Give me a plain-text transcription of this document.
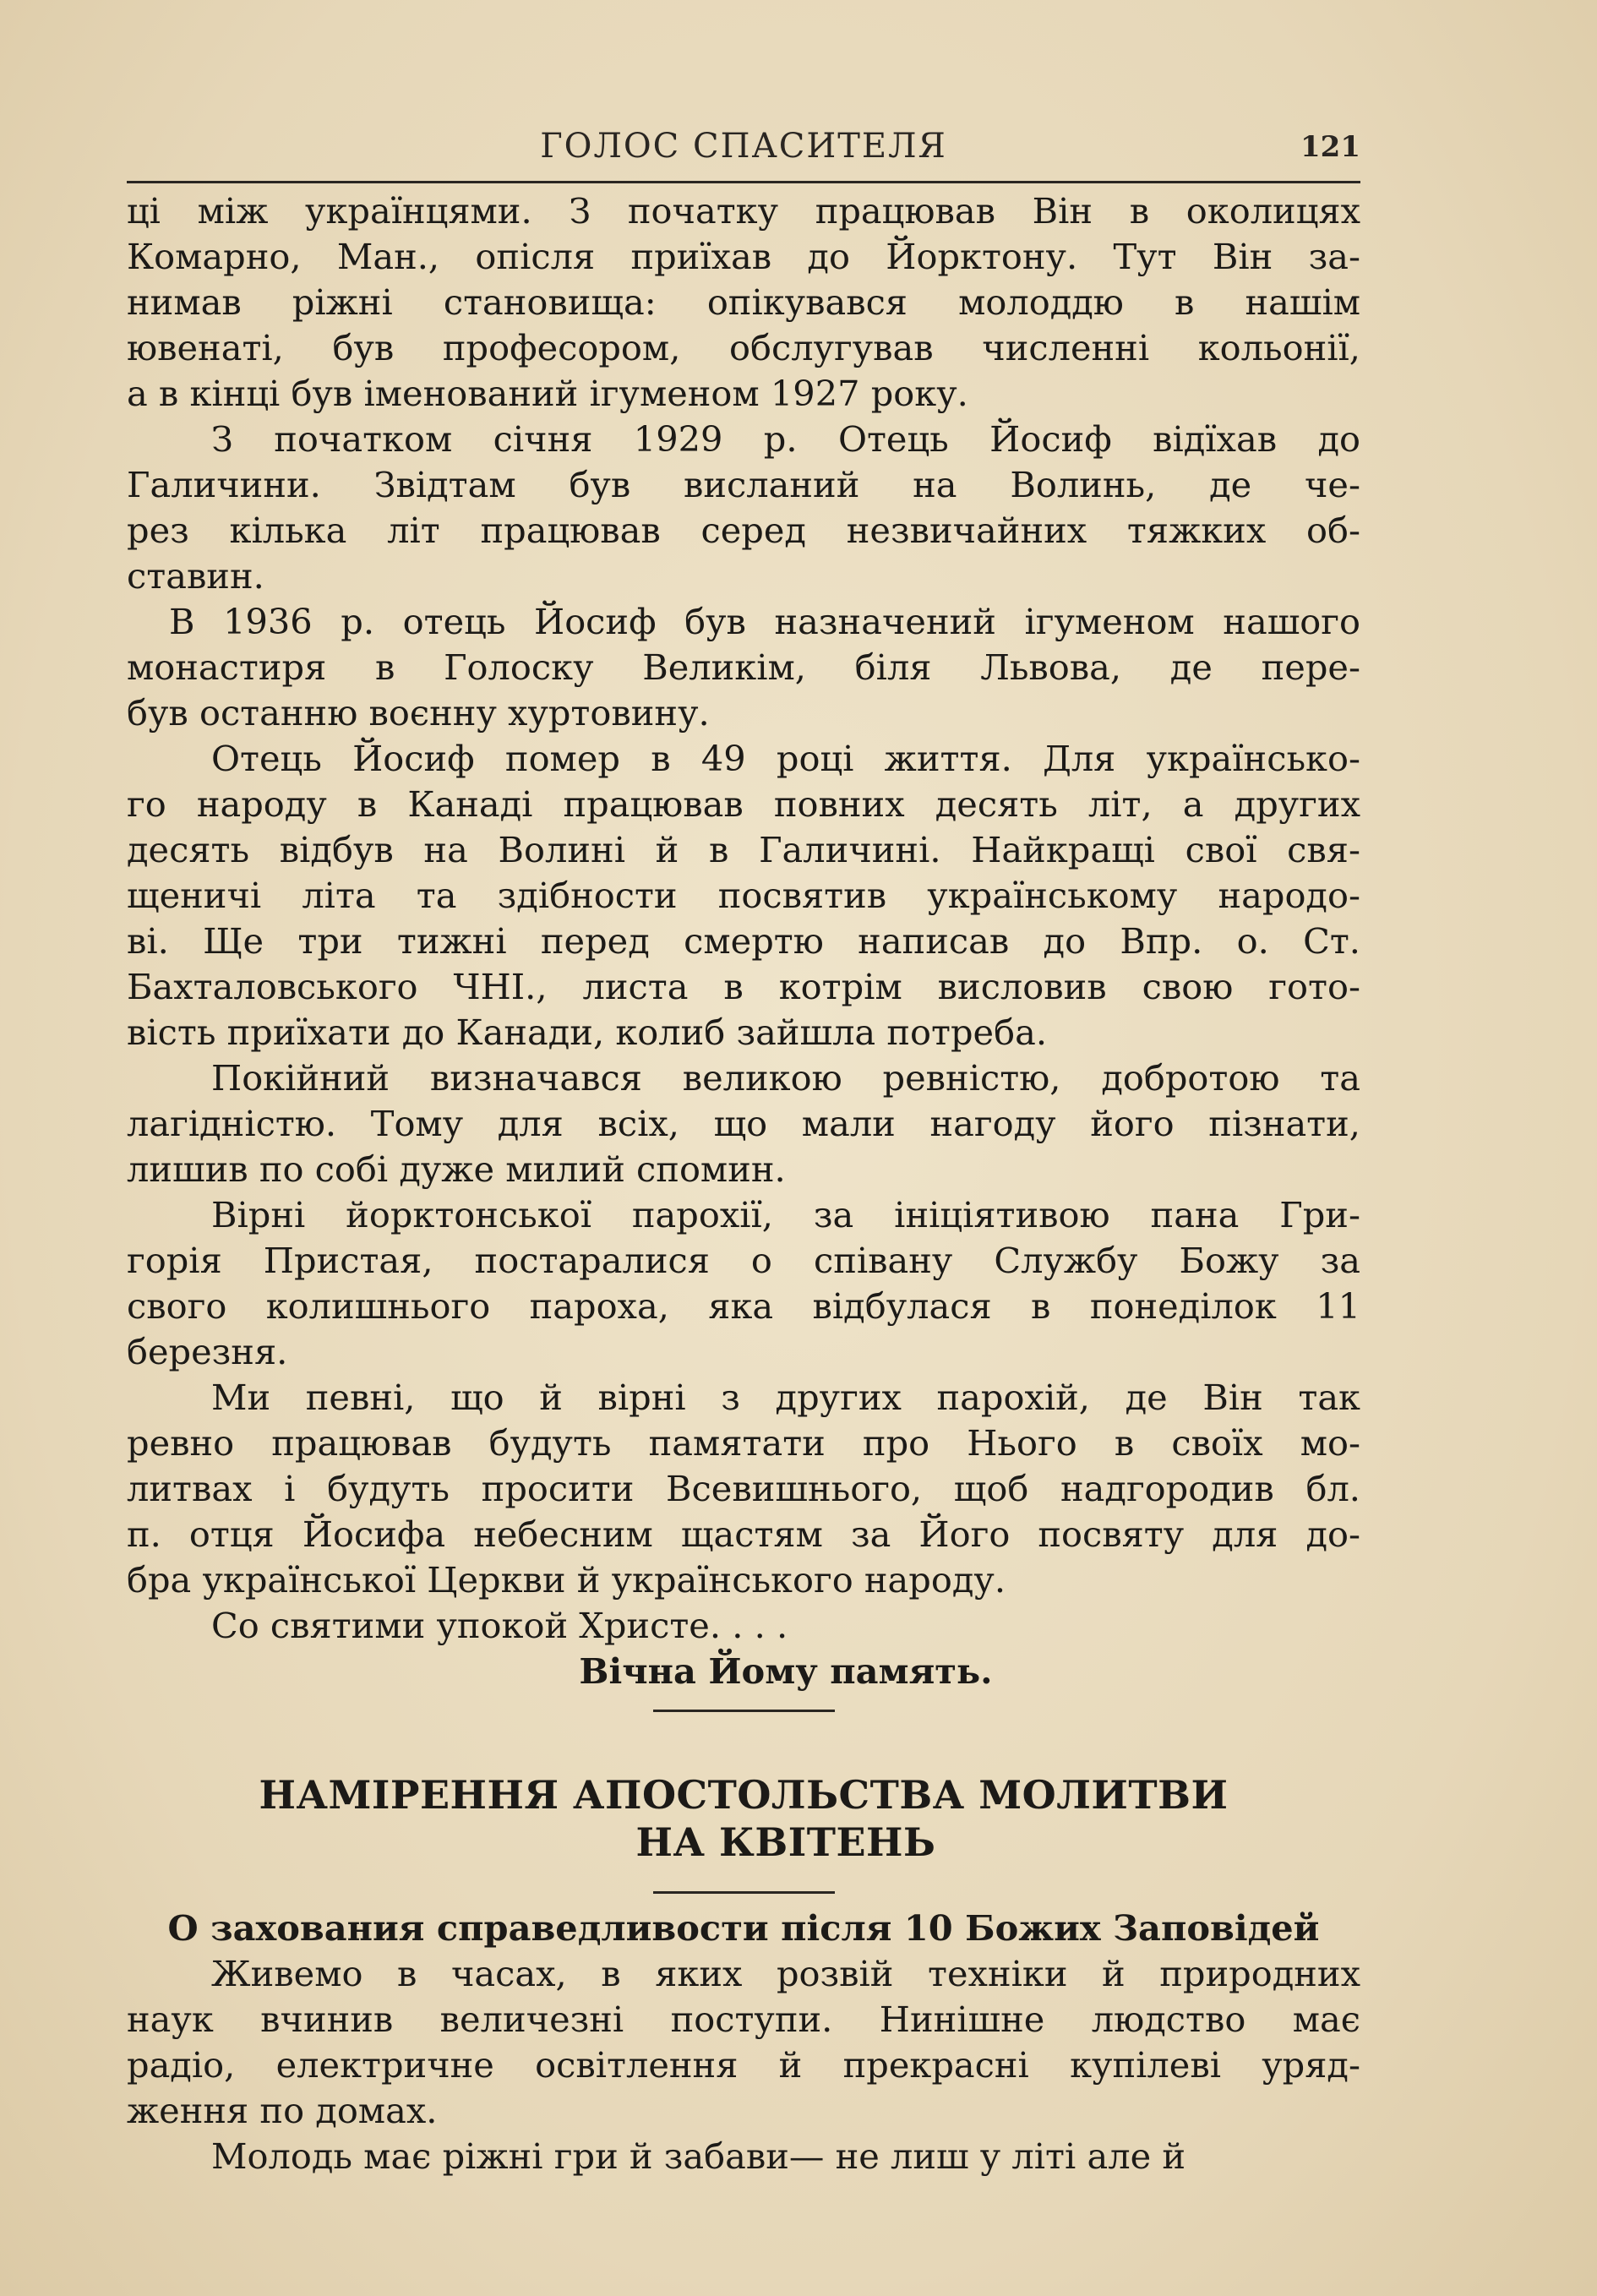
ГОЛОС СПАСИТЕЛЯ	121
ці між українцями. З початку працював Він в околицях
Комарно, Ман., опісля приїхав до Йорктону. Тут Він за-
нимав ріжні становища: опікувався молоддю в нашім
ювенаті, був професором, обслугував численні кольонії,
а в кінці був іменований ігуменом 1927 року.
З початком січня 1929 р. Отець Йосиф відїхав до
Галичини. Звідтам був висланий на Волинь, де че-
рез кілька літ працював серед незвичайних тяжких об-
ставин.
В 1936 р. отець Йосиф був назначений ігуменом нашого
монастиря в Голоску Великім, біля Львова, де пере-
був останню воєнну хуртовину.
Отець Йосиф помер в 49 році життя. Для українсько-
го народу в Канаді працював повних десять літ, а других
десять відбув на Волині й в Галичині. Найкращі свої свя-
щеничі літа та здібности посвятив українському народо-
ві. Ще три тижні перед смертю написав до Впр. о. Ст.
Бахталовського ЧНІ., листа в котрім висловив свою гото-
вість приїхати до Канади, колиб зайшла потреба.
Покійний визначався великою ревністю, добротою та
лагідністю. Тому для всіх, що мали нагоду його пізнати,
лишив по собі дуже милий спомин.
Вірні йорктонської парохії, за ініціятивою пана Гри-
горія Пристая, постаралися о співану Службу Божу за
свого колишнього пароха, яка відбулася в понеділок 11
березня.
Ми певні, що й вірні з других парохій, де Він так
ревно працював будуть памятати про Нього в своїх мо-
литвах і будуть просити Всевишнього, щоб надгородив бл.
п. отця Йосифа небесним щастям за Його посвяту для до-
бра української Церкви й українського народу.
Со святими упокой Христе. . . .
Вічна Йому память.
НАМІРЕННЯ АПОСТОЛЬСТВА МОЛИТВИ
НА КВІТЕНЬ
О захования справедливости після 10 Божих Заповідей
Живемо в часах, в яких розвій техніки й природних
наук вчинив величезні поступи. Нинішне людство має
радіо, електричне освітлення й прекрасні купілеві уряд-
ження по домах.
Молодь має ріжні гри й забави— не лиш у літі але й
